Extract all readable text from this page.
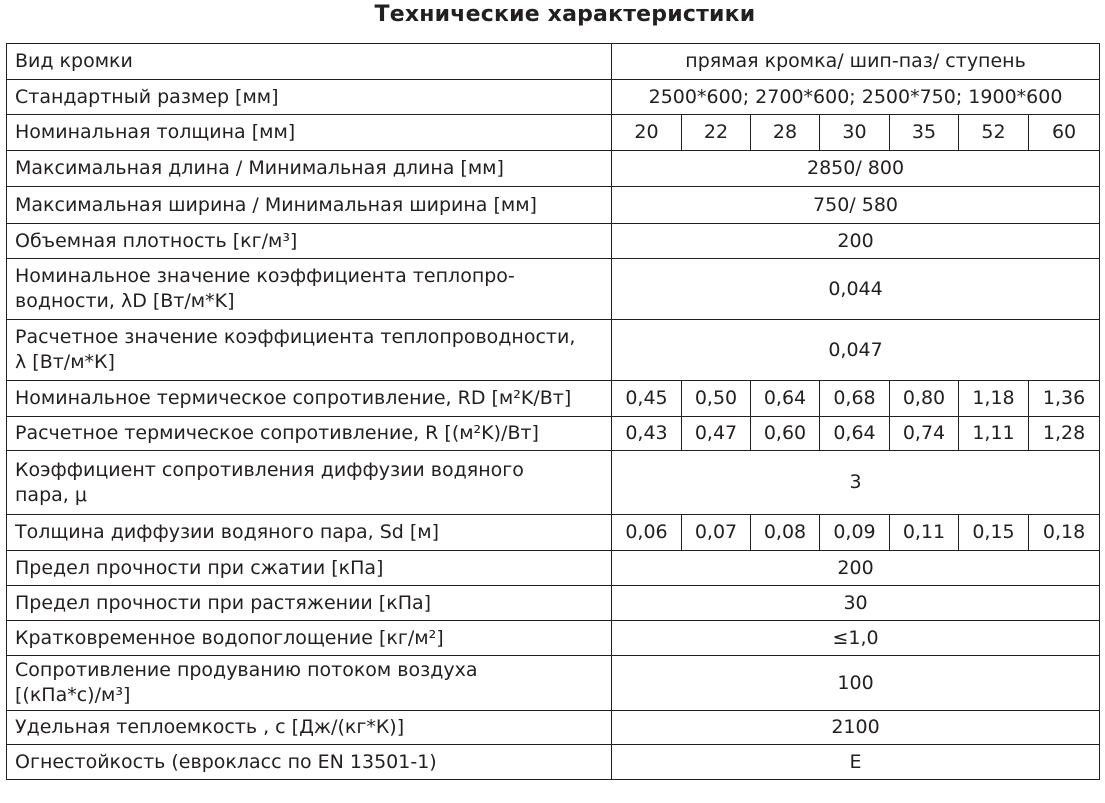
Технические характеристики
Вид кромки	прямая кромка/ шип-паз/ ступень						
Стандартный размер [мм]	2500*600; 2700*600; 2500*750; 1900*600						
Номинальная толщина [мм]	20	22	28	30	35	52	60
Максимальная длина / Минимальная длина [мм]	2850/ 800						
Максимальная ширина / Минимальная ширина [мм]	750/ 580						
Объемная плотность [кг/м³]	200						
Номинальное значение коэффициента теплопро-
водности, λD [Вт/м*K]	0,044						
Расчетное значение коэффициента теплопроводности,
λ [Вт/м*К]	0,047						
Номинальное термическое сопротивление, RD [м²K/Вт]	0,45	0,50	0,64	0,68	0,80	1,18	1,36
Расчетное термическое сопротивление, R [(м²K)/Вт]	0,43	0,47	0,60	0,64	0,74	1,11	1,28
Коэффициент сопротивления диффузии водяного
пара, μ	3						
Толщина диффузии водяного пара, Sd [м]	0,06	0,07	0,08	0,09	0,11	0,15	0,18
Предел прочности при сжатии [кПа]	200						
Предел прочности при растяжении [кПа]	30						
Кратковременное водопоглощение [кг/м²]	≤1,0						
Сопротивление продуванию потоком воздуха
[(кПа*с)/м³]	100						
Удельная теплоемкость , с [Дж/(кг*К)]	2100						
Огнестойкость (еврокласс по EN 13501-1)	E						
